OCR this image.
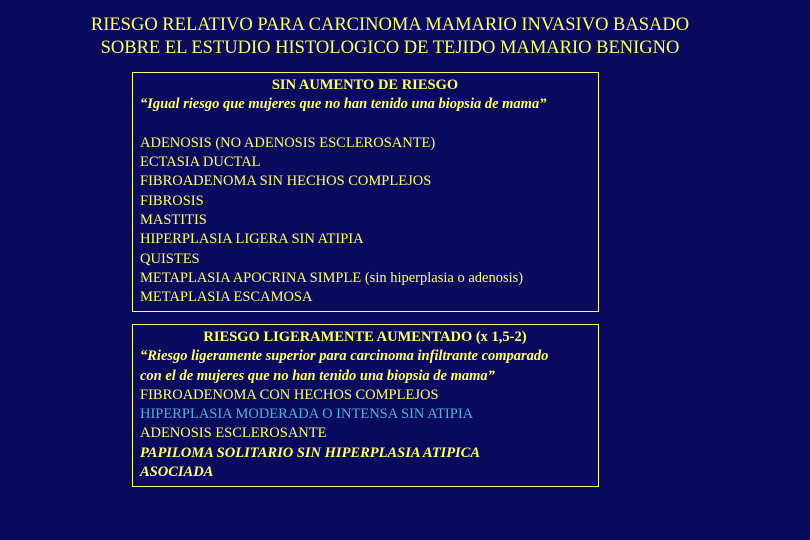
RIESGO RELATIVO PARA CARCINOMA MAMARIO INVASIVO BASADO
SOBRE EL ESTUDIO HISTOLOGICO DE TEJIDO MAMARIO BENIGNO
SIN AUMENTO DE RIESGO
“Igual riesgo que mujeres que no han tenido una biopsia de mama”
ADENOSIS (NO ADENOSIS ESCLEROSANTE)
ECTASIA DUCTAL
FIBROADENOMA SIN HECHOS COMPLEJOS
FIBROSIS
MASTITIS
HIPERPLASIA LIGERA SIN ATIPIA
QUISTES
METAPLASIA APOCRINA SIMPLE (sin hiperplasia o adenosis)
METAPLASIA ESCAMOSA
RIESGO LIGERAMENTE AUMENTADO (x 1,5-2)
“Riesgo ligeramente superior para carcinoma infiltrante comparado
con el de mujeres que no han tenido una biopsia de mama”
FIBROADENOMA CON HECHOS COMPLEJOS
HIPERPLASIA MODERADA O INTENSA SIN ATIPIA
ADENOSIS ESCLEROSANTE
PAPILOMA SOLITARIO SIN HIPERPLASIA ATIPICA
ASOCIADA
